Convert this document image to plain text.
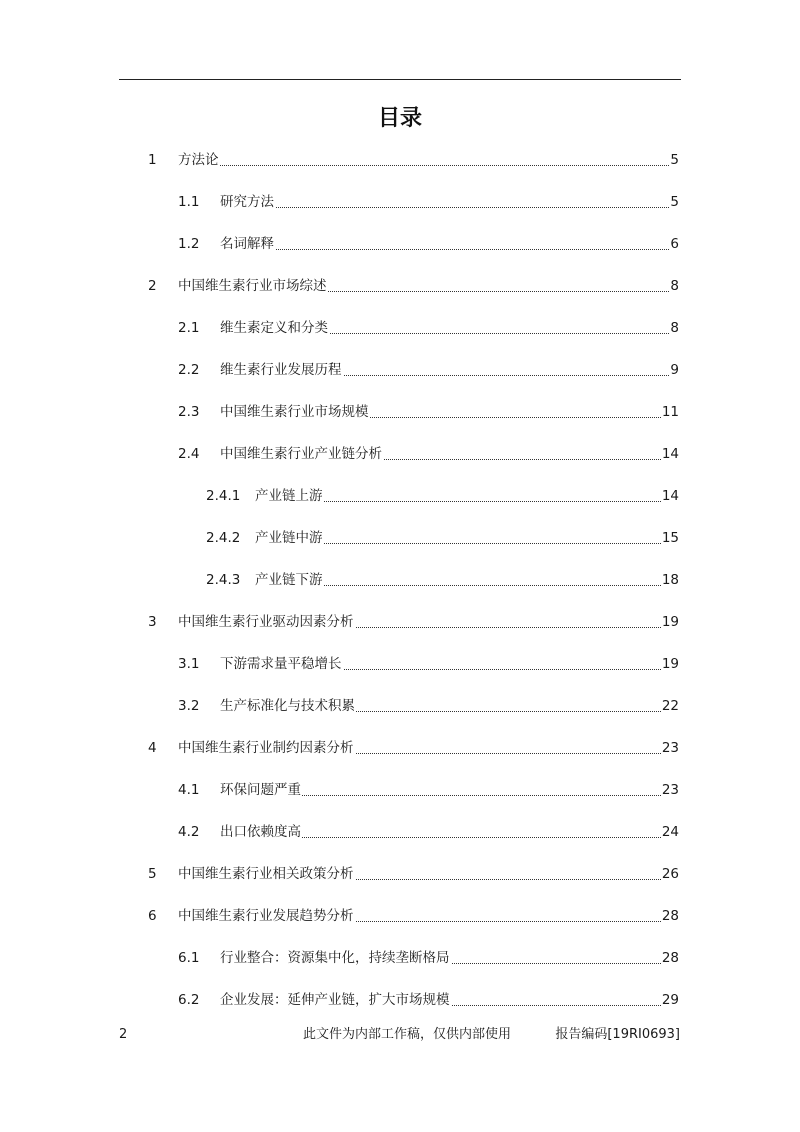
目录
1 方法论	5
1.1 研究方法	5
1.2 名词解释	6
2 中国维生素行业市场综述	8
2.1 维生素定义和分类	8
2.2 维生素行业发展历程	9
2.3 中国维生素行业市场规模	11
2.4 中国维生素行业产业链分析	14
2.4.1 产业链上游	14
2.4.2 产业链中游	15
2.4.3 产业链下游	18
3 中国维生素行业驱动因素分析	19
3.1 下游需求量平稳增长	19
3.2 生产标准化与技术积累	22
4 中国维生素行业制约因素分析	23
4.1 环保问题严重	23
4.2 出口依赖度高	24
5 中国维生素行业相关政策分析	26
6 中国维生素行业发展趋势分析	28
6.1 行业整合：资源集中化，持续垄断格局	28
6.2 企业发展：延伸产业链，扩大市场规模	29
2	此文件为内部工作稿，仅供内部使用	报告编码[19RI0693]
